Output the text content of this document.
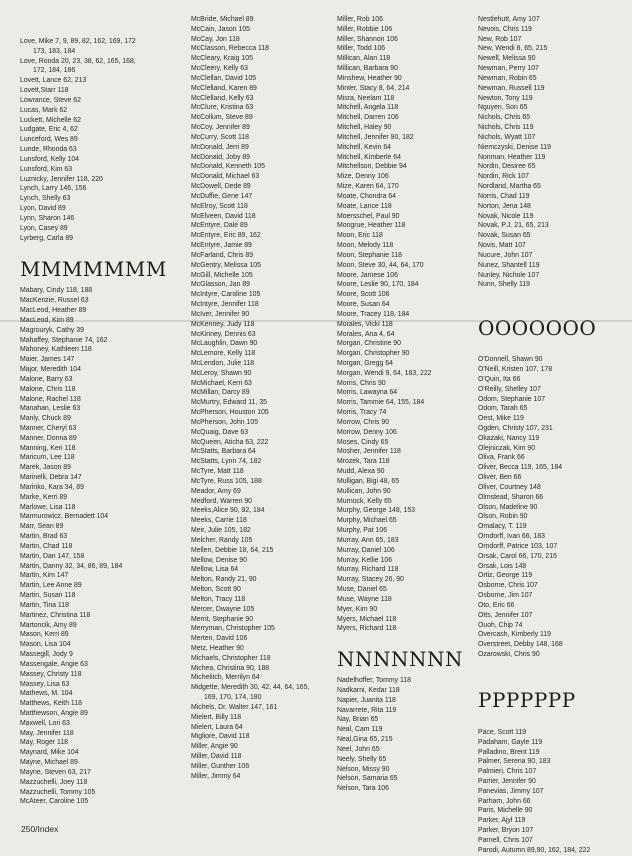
Love, Mike 7, 9, 89, 82, 162, 169, 172
173, 183, 184
Love, Ronda 20, 23, 38, 62, 165, 168,
172, 184, 186
Lovett, Lance 62, 213
Lovett,Starr 118
Lowrance, Steve 62
Lucas, Mark 62
Luckett, Michelle 62
Ludgate, Eric 4, 62
Lunceford, Wes 89
Lunde, Rhonda 63
Lunsford, Kelly 104
Lunsford, Kim 63
Luznicky, Jennifer 118, 220
Lynch, Larry 146, 156
Lynch, Shelly 63
Lyon, David 89
Lynn, Sharon 146
Lyon, Casey 89
Lyrberg, Carla 89
MMMMMMM
Mabary, Cindy 118, 188
MacKenzie, Russel 63
MacLeod, Heather 89
MacLeod, Kim 89
Magrouryk, Cathy 39
Mahaffey, Stephanie 74, 162
Mahoney, Kathleen 118
Maier, James 147
Major, Meredith 104
Malone, Barry 63
Malone, Chris 118
Malone, Rachel 118
Manahan, Leslie 63
Manly, Chuck 89
Manner, Cheryl 63
Manner, Donna 89
Manning, Keri 118
Maricum, Lee 118
Marek, Jason 89
Marinelli, Debra 147
Marinko, Kara 34, 89
Marke, Kerri 89
Marlowe, Lisa 118
Marmurowicz, Bernadett 104
Marr, Sean 89
Martin, Brad 63
Martin, Chad 118
Martin, Dan 147, 158
Martin, Danny 32, 34, 86, 89, 184
Martin, Kim 147
Martin, Lee Anne 89
Martin, Susan 118
Martin, Tina 118
Martinez, Christina 118
Martoncik, Amy 89
Mason, Kerri 89
Mason, Lisa 104
Massegill, Jody 9
Massengale, Angie 63
Massey, Christy 118
Massey, Lisa 63
Mathews, M. 104
Matthews, Keith 118
Matthewson, Angie 89
Maxwell, Lori 63
May, Jennifer 118
May, Roger 118
Maynard, Mike 104
Mayne, Michael 89
Mayne, Steven 63, 217
Mazzuchelli, Joey 118
Mazzuchelli, Tommy 105
McAteer, Caroline 105
McBride, Michael 89
McCain, Jason 105
McCay, Jon 118
McClasson, Rebecca 118
McCleary, Kraig 105
McCleery, Kelly 63
McClellan, David 105
McClelland, Karen 89
McClelland, Kelly 63
McClure, Kristina 63
McCollum, Steve 89
McCoy, Jennifer 89
McCurry, Scott 118
McDonald, Jerri 89
McDonald, Joby 89
McDonald, Kenneth 105
McDonald, Michael 63
McDowell, Dede 89
McDuffie, Gene 147
McElroy, Scott 118
McElveen, David 118
McEntyre, Dale 89
McEntyre, Eric 89, 162
McEntyre, Jamie 89
McFarland, Chris 89
McGentry, Melissa 105
McGill, Michelle 105
McGlasson, Jan 89
McIntyre, Caroline 105
McIntyre, Jennifer 118
McIver, Jennifer 90
McKenney, Judy 118
McKinney, Dennis 63
McLaughlin, Dawn 90
McLemore, Kelly 118
McLendon, Julie 118
McLeroy, Shawn 90
McMichael, Kerri 63
McMillan, Darcy 89
McMurtry, Edward 11, 35
McPherson, Houston 105
McPherson, John 105
McQuaig, Dave 63
McQueen, Aticha 63, 222
McStatts, Barbara 64
McStatts, Lynn 74, 182
McTyre, Matt 118
McTyre, Russ 105, 188
Meador, Amy 69
Medford, Warren 90
Meeks,Alice 90, 92, 184
Meeks, Carrie 118
Meir, Julie 105, 182
Melcher, Randy 105
Mellen, Debbie 18, 64, 215
Mellow, Denise 90
Mellow, Lisa 64
Melton, Randy 21, 90
Melton, Scott 90
Melton, Tracy 118
Mercer, Dwayne 105
Merrit, Stephanie 90
Merryman, Christopher 105
Merten, David 106
Metz, Heather 90
Michaels, Christopher 118
Michea, Christina 90, 188
Michelitch, Merrilyn 64
Midgette, Meredith 30, 42, 44, 64, 165,
169, 170, 174, 180
Michels, Dr. Walter 147, 161
Mielert, Billy 118
Mielert, Laura 64
Migliore, David 118
Miller, Angie 90
Miller, David 118
Miller, Gunther 106
Miller, Jimmy 64
Miller, Rob 106
Miller, Robbie 106
Miller, Shannon 106
Miller, Todd 106
Millican, Alan 118
Millican, Barbara 90
Minshew, Heather 90
Minter, Stacy 8, 64, 214
Misra, Neelam 118
Mitchell, Angela 118
Mitchell, Darren 106
Mitchell, Haley 90
Mitchell, Jennifer 90, 182
Mitchell, Kevin 64
Mitchell, Kimberle 64
Mitchellson, Debbie 94
Mize, Denny 106
Mize, Karen 64, 170
Moate, Chondra 64
Moate, Lance 118
Moersschel, Paul 90
Mongrue, Heather 118
Moon, Eric 118
Moon, Melody 118
Moon, Stephanie 118
Moon, Steve 30, 44, 64, 170
Moore, Jamese 106
Moore, Leslie 90, 170, 184
Moore, Scott 106
Moore, Susan 64
Moore, Tracey 118, 184
Morales, Vicki 118
Morales, Ana 4, 64
Morgan, Christine 90
Morgan, Christopher 90
Morgan, Gregg 64
Morgan, Wendi 9, 64, 183, 222
Morris, Chris 90
Morris, Lawayna 64
Morris, Tammie 64, 155, 184
Morris, Tracy 74
Morrow, Chris 90
Morrow, Denny 106
Moses, Cindy 65
Mosher, Jennifer 118
Mrozek, Tara 118
Mudd, Alexa 90
Mulligan, Bigi 48, 65
Mullican, John 90
Murnock, Kelly 65
Murphy, George 148, 153
Murphy, Michael 65
Murphy, Pat 106
Murray, Ann 65, 183
Murray, Daniel 106
Murray, Kellie 106
Murray, Richard 118
Murray, Stacey 26, 90
Muse, Daniel 65
Muse, Wayne 118
Myer, Kim 90
Myers, Michael 118
Myers, Richard 118
NNNNNNN
Nadelhoffer, Tommy 118
Nadkarni, Kedar 118
Napier, Juanita 118
Navarrete, Rita 119
Nay, Brian 65
Neal, Cam 119
Neal,Gina 65, 215
Neel, John 65
Neely, Shelly 65
Nelson, Missy 90
Nelson, Samaria 65
Nelson, Tara 106
Nestlehutt, Amy 107
Nevois, Chris 119
New, Rob 107
New, Wendi 8, 65, 215
Newell, Melissa 90
Newman, Perry 107
Newman, Robin 65
Newman, Russell 119
Newton, Tony 119
Nguyen, Son 65
Nichols, Chris 65
Nichols, Chris 119
Nichols, Wyatt 107
Niemczyski, Denise 119
Nonman, Heather 119
Nordin, Desiree 65
Nordin, Rick 107
Nordland, Martha 65
Norris, Chad 119
Norton, Jena 148
Novak, Nicole 119
Novak, P.J. 21, 65, 213
Novak, Susan 65
Novis, Matt 107
Nucure, John 107
Nunez, Shantell 119
Nunley, Nichole 107
Nunn, Shelly 119
OOOOOOO
O'Donnell, Shawn 90
O'Neill, Kristen 107, 178
O'Quin, Ita 66
O'Reilly, Shelley 107
Odom, Stephanie 107
Odom, Tarah 65
Oest, Mike 119
Ogden, Christy 107, 231
Okazaki, Nancy 119
Olejniczak, Kim 90
Oliva, Frank 66
Oliver, Becca 119, 165, 184
Oliver, Ben 66
Oliver, Courtney 148
Olmstead, Sharon 66
Olson, Madeline 90
Olson, Robin 90
Omalacy, T. 119
Orndorff, Ivan 66, 183
Orndorff, Patrice 103, 107
Orsak, Carol 66, 170, 215
Orsak, Lois 148
Ortiz, George 119
Osborne, Chris 107
Osborne, Jim 107
Oto, Eric 66
Otts, Jennifer 107
Ouoh, Chip 74
Overcash, Kimberly 119
Overstreet, Debby 148, 168
Ozarowski, Chris 90
PPPPPPP
Pace, Scott 119
Padaham, Gayle 119
Palladino, Brent 119
Palmer, Serena 90, 183
Palmieri, Chris 107
Pamer, Jennifer 90
Panevias, Jimmy 107
Parham, John 66
Paris, Michelle 90
Parker, Ajyl 119
Parker, Bryon 107
Parnell, Chris 107
Parodi, Autumn 89,90, 162, 184, 222
250/Index
